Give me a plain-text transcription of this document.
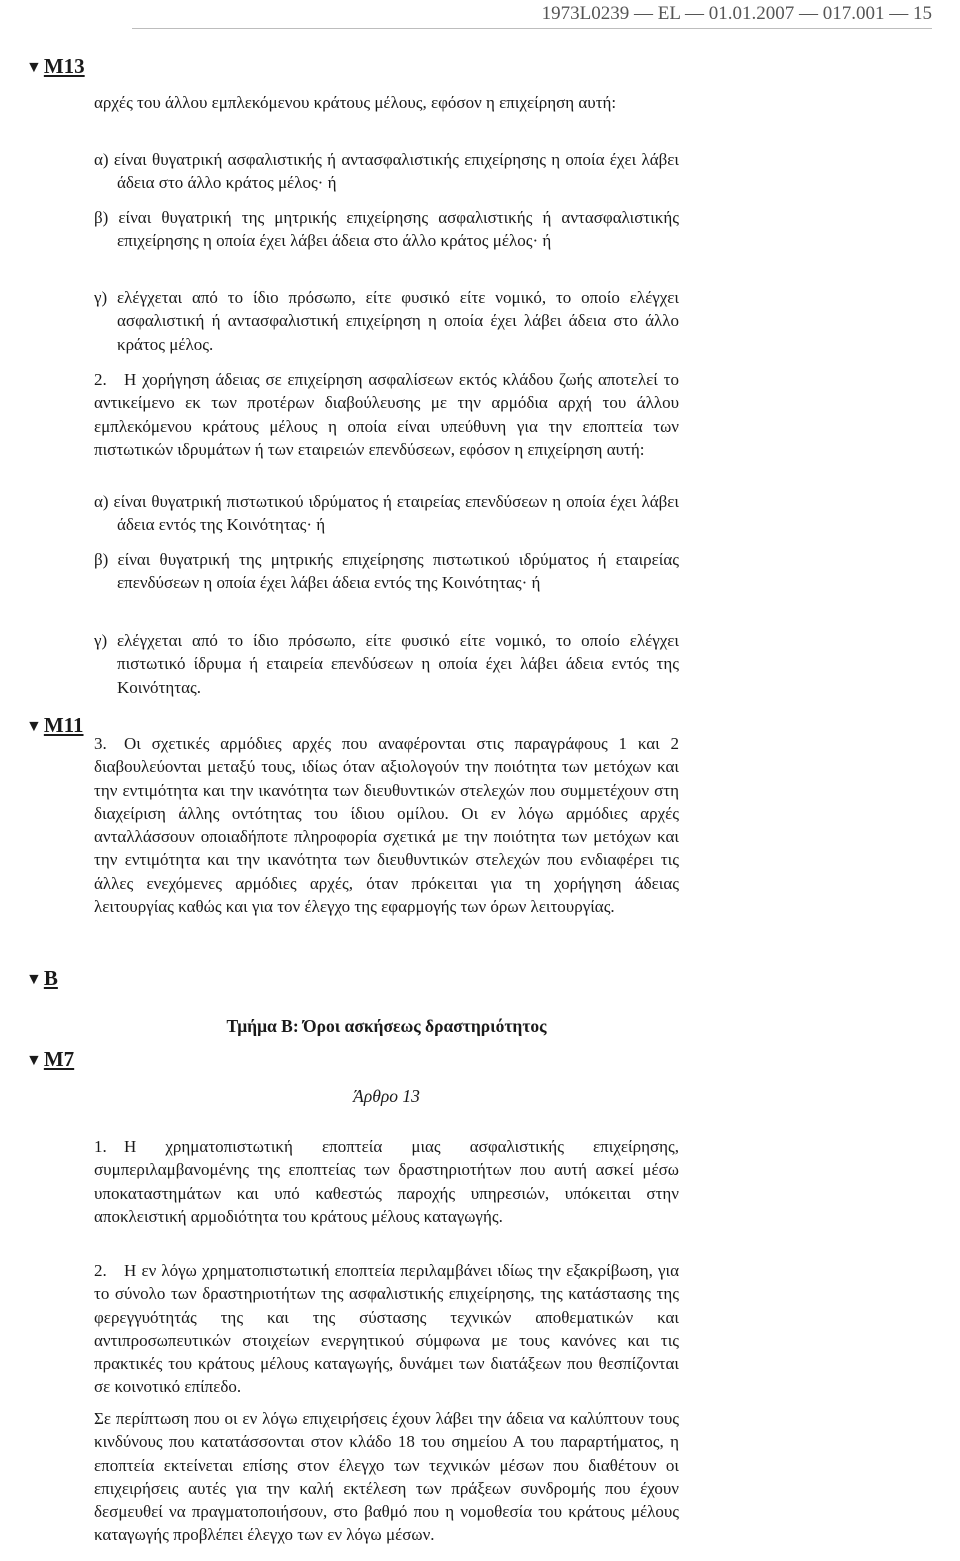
1973L0239 — EL — 01.01.2007 — 017.001 — 15
▼M13
▼M11
▼B
▼M7

αρχές του άλλου εμπλεκόμενου κράτους μέλους, εφόσον η επιχείρηση αυτή:

α) είναι θυγατρική ασφαλιστικής ή αντασφαλιστικής επιχείρησης η οποία έχει λάβει άδεια στο άλλο κράτος μέλος· ή

β) είναι θυγατρική της μητρικής επιχείρησης ασφαλιστικής ή αντασφαλιστικής επιχείρησης η οποία έχει λάβει άδεια στο άλλο κράτος μέλος· ή

γ) ελέγχεται από το ίδιο πρόσωπο, είτε φυσικό είτε νομικό, το οποίο ελέγχει ασφαλιστική ή αντασφαλιστική επιχείρηση η οποία έχει λάβει άδεια στο άλλο κράτος μέλος.

2. Η χορήγηση άδειας σε επιχείρηση ασφαλίσεων εκτός κλάδου ζωής αποτελεί το αντικείμενο εκ των προτέρων διαβούλευσης με την αρμόδια αρχή του άλλου εμπλεκόμενου κράτους μέλους η οποία είναι υπεύθυνη για την εποπτεία των πιστωτικών ιδρυμάτων ή των εταιρειών επενδύσεων, εφόσον η επιχείρηση αυτή:

α) είναι θυγατρική πιστωτικού ιδρύματος ή εταιρείας επενδύσεων η οποία έχει λάβει άδεια εντός της Κοινότητας· ή

β) είναι θυγατρική της μητρικής επιχείρησης πιστωτικού ιδρύματος ή εταιρείας επενδύσεων η οποία έχει λάβει άδεια εντός της Κοινότητας· ή

γ) ελέγχεται από το ίδιο πρόσωπο, είτε φυσικό είτε νομικό, το οποίο ελέγχει πιστωτικό ίδρυμα ή εταιρεία επενδύσεων η οποία έχει λάβει άδεια εντός της Κοινότητας.

3. Οι σχετικές αρμόδιες αρχές που αναφέρονται στις παραγράφους 1 και 2 διαβουλεύονται μεταξύ τους, ιδίως όταν αξιολογούν την ποιότητα των μετόχων και την εντιμότητα και την ικανότητα των διευθυντικών στελεχών που συμμετέχουν στη διαχείριση άλλης οντότητας του ίδιου ομίλου. Οι εν λόγω αρμόδιες αρχές ανταλλάσσουν οποιαδήποτε πληροφορία σχετικά με την ποιότητα των μετόχων και την εντιμότητα και την ικανότητα των διευθυντικών στελεχών που ενδιαφέρει τις άλλες ενεχόμενες αρμόδιες αρχές, όταν πρόκειται για τη χορήγηση άδειας λειτουργίας καθώς και για τον έλεγχο της εφαρμογής των όρων λειτουργίας.

Τμήμα Β: Όροι ασκήσεως δραστηριότητος
Άρθρο 13

1. Η χρηματοπιστωτική εποπτεία μιας ασφαλιστικής επιχείρησης, συμπεριλαμβανομένης της εποπτείας των δραστηριοτήτων που αυτή ασκεί μέσω υποκαταστημάτων και υπό καθεστώς παροχής υπηρεσιών, υπόκειται στην αποκλειστική αρμοδιότητα του κράτους μέλους καταγωγής.

2. Η εν λόγω χρηματοπιστωτική εποπτεία περιλαμβάνει ιδίως την εξακρίβωση, για το σύνολο των δραστηριοτήτων της ασφαλιστικής επιχείρησης, της κατάστασης της φερεγγυότητάς της και της σύστασης τεχνικών αποθεματικών και αντιπροσωπευτικών στοιχείων ενεργητικού σύμφωνα με τους κανόνες και τις πρακτικές του κράτους μέλους καταγωγής, δυνάμει των διατάξεων που θεσπίζονται σε κοινοτικό επίπεδο.

Σε περίπτωση που οι εν λόγω επιχειρήσεις έχουν λάβει την άδεια να καλύπτουν τους κινδύνους που κατατάσσονται στον κλάδο 18 του σημείου Α του παραρτήματος, η εποπτεία εκτείνεται επίσης στον έλεγχο των τεχνικών μέσων που διαθέτουν οι επιχειρήσεις αυτές για την καλή εκτέλεση των πράξεων συνδρομής που έχουν δεσμευθεί να πραγματοποιήσουν, στο βαθμό που η νομοθεσία του κράτους μέλους καταγωγής προβλέπει έλεγχο των εν λόγω μέσων.
